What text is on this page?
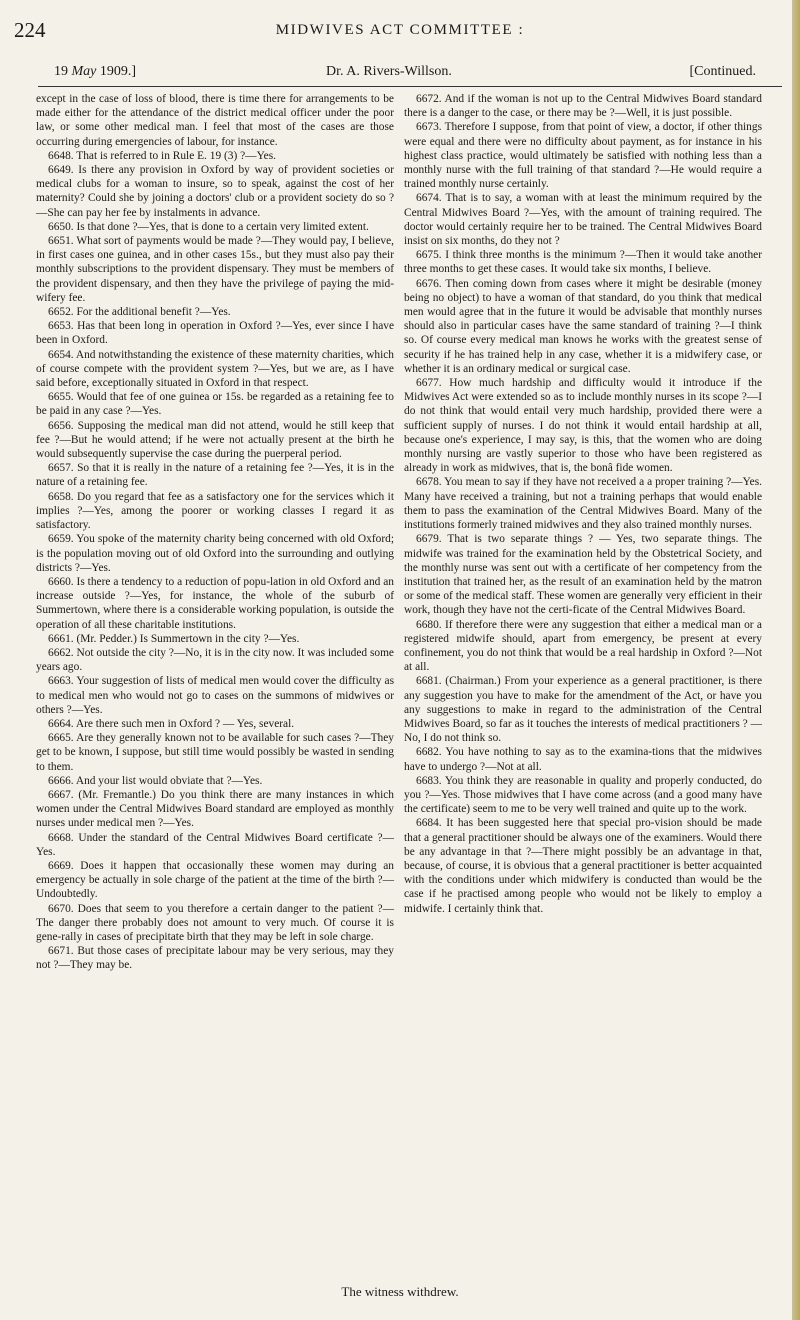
224	MIDWIVES ACT COMMITTEE :
19 May 1909.]	Dr. A. Rivers-Willson.	[Continued.

except in the case of loss of blood, there is time there for arrangements to be made either for the attendance of the district medical officer under the poor law, or some other medical man. I feel that most of the cases are those occurring during emergencies of labour, for instance.

6648. That is referred to in Rule E. 19 (3) ?—Yes.

6649. Is there any provision in Oxford by way of provident societies or medical clubs for a woman to insure, so to speak, against the cost of her maternity? Could she by joining a doctors' club or a provident society do so ?—She can pay her fee by instalments in advance.

6650. Is that done ?—Yes, that is done to a certain very limited extent.

6651. What sort of payments would be made ?—They would pay, I believe, in first cases one guinea, and in other cases 15s., but they must also pay their monthly subscriptions to the provident dispensary. They must be members of the provident dispensary, and then they have the privilege of paying the mid-wifery fee.

6652. For the additional benefit ?—Yes.

6653. Has that been long in operation in Oxford ?—Yes, ever since I have been in Oxford.

6654. And notwithstanding the existence of these maternity charities, which of course compete with the provident system ?—Yes, but we are, as I have said before, exceptionally situated in Oxford in that respect.

6655. Would that fee of one guinea or 15s. be regarded as a retaining fee to be paid in any case ?—Yes.

6656. Supposing the medical man did not attend, would he still keep that fee ?—But he would attend; if he were not actually present at the birth he would subsequently supervise the case during the puerperal period.

6657. So that it is really in the nature of a retaining fee ?—Yes, it is in the nature of a retaining fee.

6658. Do you regard that fee as a satisfactory one for the services which it implies ?—Yes, among the poorer or working classes I regard it as satisfactory.

6659. You spoke of the maternity charity being concerned with old Oxford; is the population moving out of old Oxford into the surrounding and outlying districts ?—Yes.

6660. Is there a tendency to a reduction of popu-lation in old Oxford and an increase outside ?—Yes, for instance, the whole of the suburb of Summertown, where there is a considerable working population, is outside the operation of all these charitable institutions.

6661. (Mr. Pedder.) Is Summertown in the city ?—Yes.

6662. Not outside the city ?—No, it is in the city now. It was included some years ago.

6663. Your suggestion of lists of medical men would cover the difficulty as to medical men who would not go to cases on the summons of midwives or others ?—Yes.

6664. Are there such men in Oxford ? — Yes, several.

6665. Are they generally known not to be available for such cases ?—They get to be known, I suppose, but still time would possibly be wasted in sending to them.

6666. And your list would obviate that ?—Yes.

6667. (Mr. Fremantle.) Do you think there are many instances in which women under the Central Midwives Board standard are employed as monthly nurses under medical men ?—Yes.

6668. Under the standard of the Central Midwives Board certificate ?—Yes.

6669. Does it happen that occasionally these women may during an emergency be actually in sole charge of the patient at the time of the birth ?—Undoubtedly.

6670. Does that seem to you therefore a certain danger to the patient ?—The danger there probably does not amount to very much. Of course it is gene-rally in cases of precipitate birth that they may be left in sole charge.

6671. But those cases of precipitate labour may be very serious, may they not ?—They may be.

6672. And if the woman is not up to the Central Midwives Board standard there is a danger to the case, or there may be ?—Well, it is just possible.

6673. Therefore I suppose, from that point of view, a doctor, if other things were equal and there were no difficulty about payment, as for instance in his highest class practice, would ultimately be satisfied with nothing less than a monthly nurse with the full training of that standard ?—He would require a trained monthly nurse certainly.

6674. That is to say, a woman with at least the minimum required by the Central Midwives Board ?—Yes, with the amount of training required. The doctor would certainly require her to be trained. The Central Midwives Board insist on six months, do they not ?

6675. I think three months is the minimum ?—Then it would take another three months to get these cases. It would take six months, I believe.

6676. Then coming down from cases where it might be desirable (money being no object) to have a woman of that standard, do you think that medical men would agree that in the future it would be advisable that monthly nurses should also in particular cases have the same standard of training ?—I think so. Of course every medical man knows he works with the greatest sense of security if he has trained help in any case, whether it is a midwifery case, or whether it is an ordinary medical or surgical case.

6677. How much hardship and difficulty would it introduce if the Midwives Act were extended so as to include monthly nurses in its scope ?—I do not think that would entail very much hardship, provided there were a sufficient supply of nurses. I do not think it would entail hardship at all, because one's experience, I may say, is this, that the women who are doing monthly nursing are vastly superior to those who have been registered as already in work as midwives, that is, the bonâ fide women.

6678. You mean to say if they have not received a a proper training ?—Yes. Many have received a training, but not a training perhaps that would enable them to pass the examination of the Central Midwives Board. Many of the institutions formerly trained midwives and they also trained monthly nurses.

6679. That is two separate things ? — Yes, two separate things. The midwife was trained for the examination held by the Obstetrical Society, and the monthly nurse was sent out with a certificate of her competency from the institution that trained her, as the result of an examination held by the matron or some of the medical staff. These women are generally very efficient in their work, though they have not the certi-ficate of the Central Midwives Board.

6680. If therefore there were any suggestion that either a medical man or a registered midwife should, apart from emergency, be present at every confinement, you do not think that would be a real hardship in Oxford ?—Not at all.

6681. (Chairman.) From your experience as a general practitioner, is there any suggestion you have to make for the amendment of the Act, or have you any suggestions to make in regard to the administration of the Central Midwives Board, so far as it touches the interests of medical practitioners ? — No, I do not think so.

6682. You have nothing to say as to the examina-tions that the midwives have to undergo ?—Not at all.

6683. You think they are reasonable in quality and properly conducted, do you ?—Yes. Those midwives that I have come across (and a good many have the certificate) seem to me to be very well trained and quite up to the work.

6684. It has been suggested here that special pro-vision should be made that a general practitioner should be always one of the examiners. Would there be any advantage in that ?—There might possibly be an advantage in that, because, of course, it is obvious that a general practitioner is better acquainted with the conditions under which midwifery is conducted than would be the case if he practised among people who would not be likely to employ a midwife. I certainly think that.

The witness withdrew.
